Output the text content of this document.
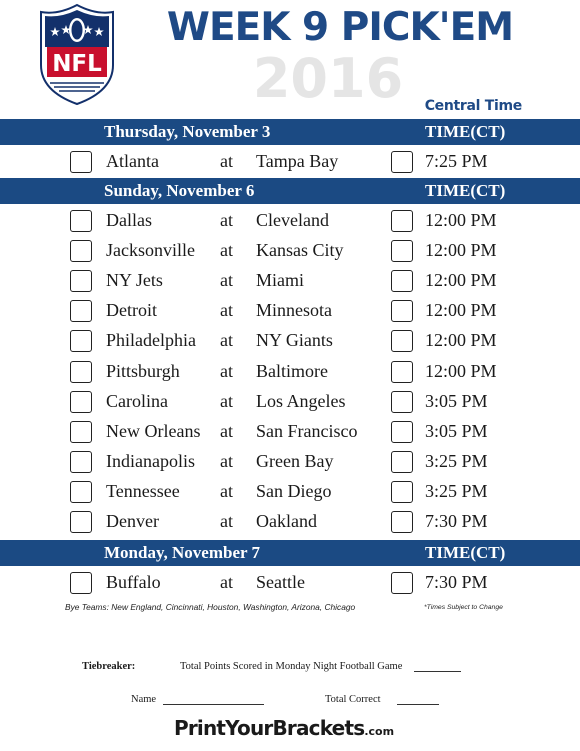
NFL
WEEK 9 PICK'EM
2016	Central Time
Thursday, November 3	TIME(CT)
Atlanta	at Tampa Bay	7:25 PM
Sunday, November 6	TIME(CT)
Dallas	at Cleveland	12:00 PM
Jacksonville at Kansas City	12:00 PM
NY Jets	at Miami	12:00 PM
Detroit	at Minnesota	12:00 PM
Philadelphia at NY Giants	12:00 PM
Pittsburgh at Baltimore	12:00 PM
Carolina	at Los Angeles	3:05 PM
New Orleans at San Francisco	3:05 PM
Indianapolis at Green Bay	3:25 PM
Tennessee at San Diego	3:25 PM
Denver	at Oakland	7:30 PM
Monday, November 7	TIME(CT)
Buffalo	at Seattle	7:30 PM
Bye Teams: New England, Cincinnati, Houston, Washington, Arizona, Chicago	*Times Subject to Change
Tiebreaker:	Total Points Scored in Monday Night Football Game
Name	Total Correct
PrintYourBrackets.com
